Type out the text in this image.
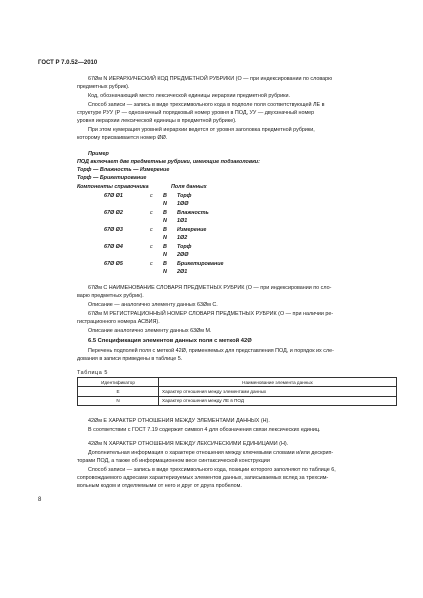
ГОСТ Р 7.0.52—2010
67Øм N ИЕРАРХИЧЕСКИЙ КОД ПРЕДМЕТНОЙ РУБРИКИ (О — при индексировании по словарю
предметных рубрик).
Код, обозначающий место лексической единицы иерархии предметной рубрики.
Способ записи — запись в виде трехсимвольного кода в подполе поля соответствующей ЛЕ в
структуре РУУ (Р — однозначный порядковый номер уровня в ПОД, УУ — двухзначный номер
уровня иерархии лексической единицы в предметной рубрике).
При этом нумерация уровней иерархии ведется от уровня заголовка предметной рубрики,
которому присваивается номер ØØ.
Пример
ПОД включает две предметные рубрики, имеющие подзаголовки:
Торф — Влажность — Измерение
Торф — Брикетирование
Компоненты справочника	Поля данных
67Ø Ø1	с B Торф
N 1ØØ
67Ø Ø2	с B Влажность
N 1Ø1
67Ø Ø3	с B Измерение
N 1Ø2
67Ø Ø4	с B Торф
N 2ØØ
67Ø Ø5	с B Брикетирование
N 2Ø1
67Øм С НАИМЕНОВАНИЕ СЛОВАРЯ ПРЕДМЕТНЫХ РУБРИК (О — при индексировании по сло-
варю предметных рубрик).
Описание — аналогично элементу данных 63Øм С.
67Øм М РЕГИСТРАЦИОННЫЙ НОМЕР СЛОВАРЯ ПРЕДМЕТНЫХ РУБРИК (О — при наличии ре-
гистрационного номера АСВИЯ).
Описание аналогично элементу данных 63Øм М.
6.5 Спецификация элементов данных поля с меткой 42Ø
Перечень подполей поля с меткой 42Ø, применяемых для представления ПОД, и порядок их сле-
дования в записи приведены в таблице 5.
Таблица 5
Идентификатор	Наименование элемента данных
E	Характер отношения между элементами данных
N	Характер отношения между ЛЕ в ПОД
42Øм Е ХАРАКТЕР ОТНОШЕНИЯ МЕЖДУ ЭЛЕМЕНТАМИ ДАННЫХ (Н).
В соответствии с ГОСТ 7.19 содержит символ 4 для обозначения связи лексических единиц.
42Øм N ХАРАКТЕР ОТНОШЕНИЯ МЕЖДУ ЛЕКСИЧЕСКИМИ ЕДИНИЦАМИ (Н).
Дополнительная информация о характере отношения между ключевыми словами и/или дескрип-
торами ПОД, а также об информационном весе синтаксической конструкции
Способ записи — запись в виде трехсимвольного кода, позиции которого заполняют по таблице 6,
сопровождаемого адресами характеризуемых элементов данных, записываемых вслед за трехсим-
вольным кодом и отделяемыми от него и друг от друга пробелом.
8
